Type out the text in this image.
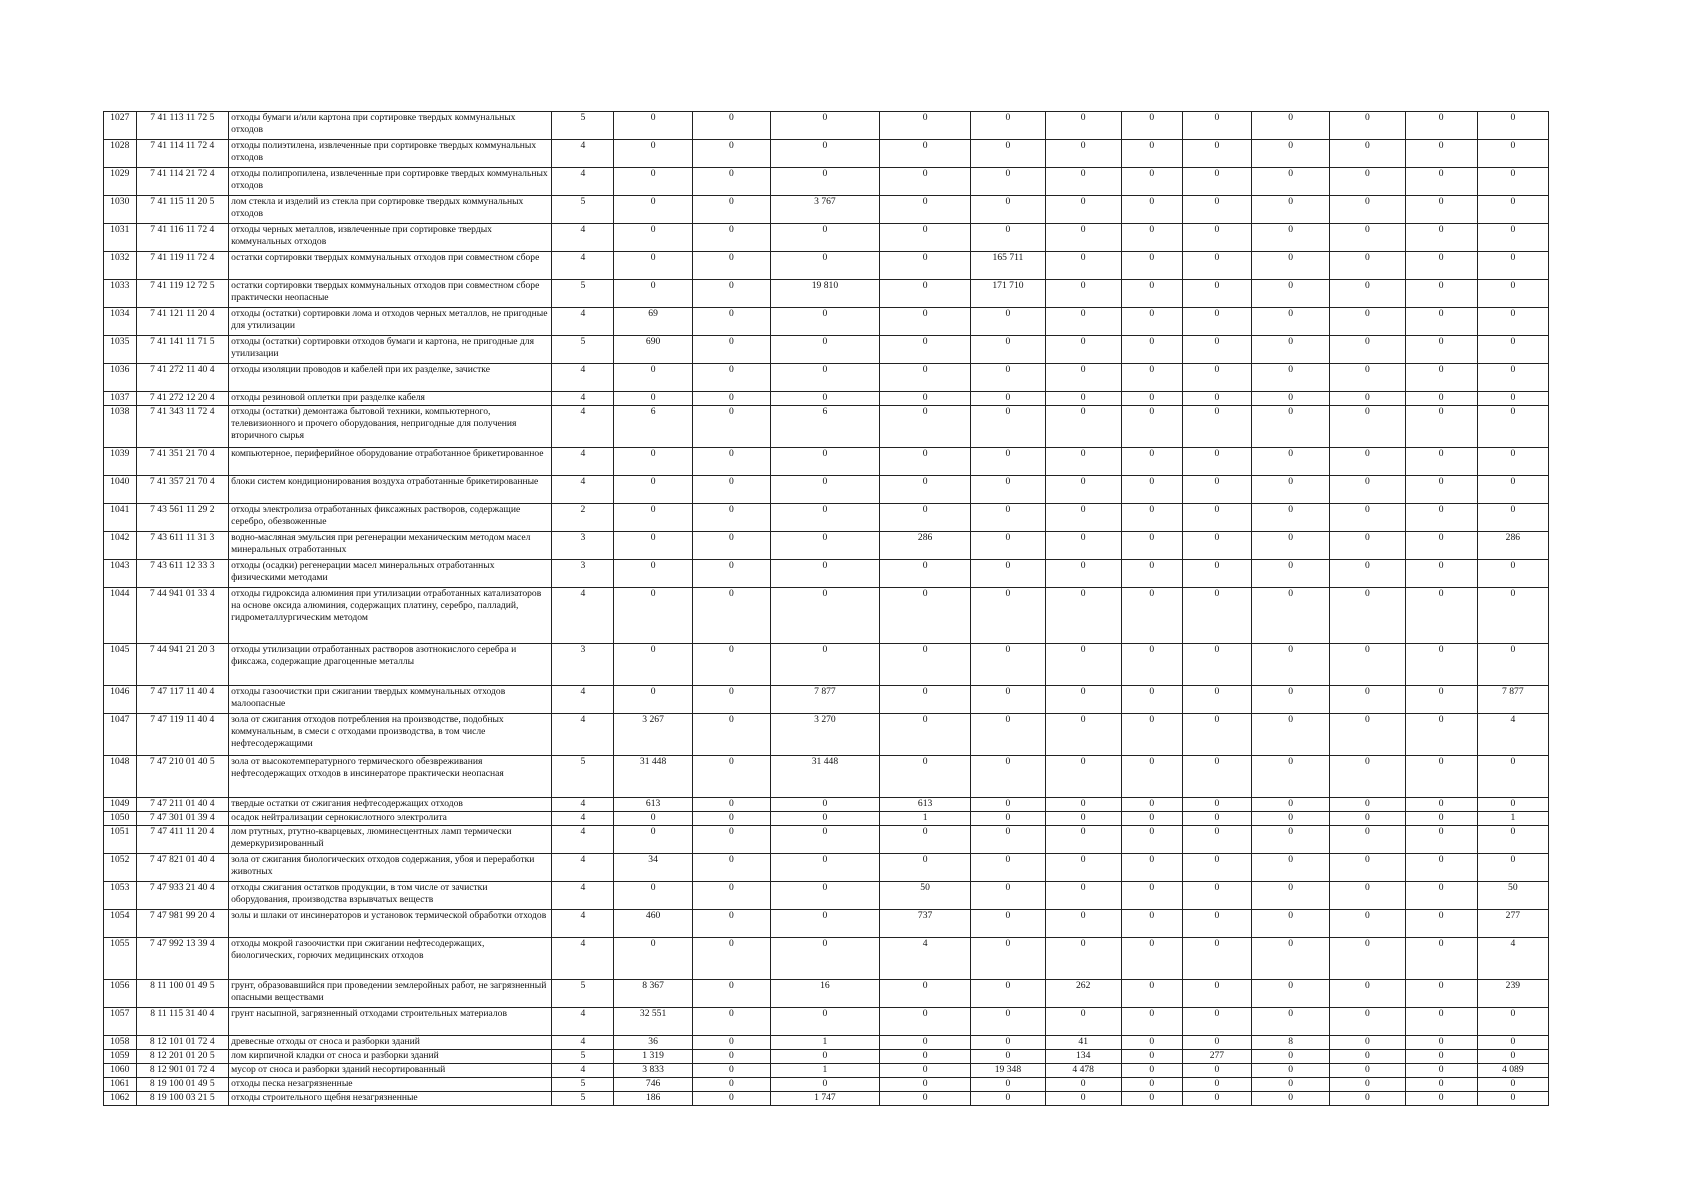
1027	7 41 113 11 72 5	отходы бумаги и/или картона при сортировке твердых коммунальных отходов	5	0	0	0	0	0	0	0	0	0	0	0	0
1028	7 41 114 11 72 4	отходы полиэтилена, извлеченные при сортировке твердых коммунальных отходов	4	0	0	0	0	0	0	0	0	0	0	0	0
1029	7 41 114 21 72 4	отходы полипропилена, извлеченные при сортировке твердых коммунальных отходов	4	0	0	0	0	0	0	0	0	0	0	0	0
1030	7 41 115 11 20 5	лом стекла и изделий из стекла при сортировке твердых коммунальных отходов	5	0	0	3 767	0	0	0	0	0	0	0	0	0
1031	7 41 116 11 72 4	отходы черных металлов, извлеченные при сортировке твердых коммунальных отходов	4	0	0	0	0	0	0	0	0	0	0	0	0
1032	7 41 119 11 72 4	остатки сортировки твердых коммунальных отходов при совместном сборе	4	0	0	0	0	165 711	0	0	0	0	0	0	0
1033	7 41 119 12 72 5	остатки сортировки твердых коммунальных отходов при совместном сборе практически неопасные	5	0	0	19 810	0	171 710	0	0	0	0	0	0	0
1034	7 41 121 11 20 4	отходы (остатки) сортировки лома и отходов черных металлов, не пригодные для утилизации	4	69	0	0	0	0	0	0	0	0	0	0	0
1035	7 41 141 11 71 5	отходы (остатки) сортировки отходов бумаги и картона, не пригодные для утилизации	5	690	0	0	0	0	0	0	0	0	0	0	0
1036	7 41 272 11 40 4	отходы изоляции проводов и кабелей при их разделке, зачистке	4	0	0	0	0	0	0	0	0	0	0	0	0
1037	7 41 272 12 20 4	отходы резиновой оплетки при разделке кабеля	4	0	0	0	0	0	0	0	0	0	0	0	0
1038	7 41 343 11 72 4	отходы (остатки) демонтажа бытовой техники, компьютерного, телевизионного и прочего оборудования, непригодные для получения вторичного сырья	4	6	0	6	0	0	0	0	0	0	0	0	0
1039	7 41 351 21 70 4	компьютерное, периферийное оборудование отработанное брикетированное	4	0	0	0	0	0	0	0	0	0	0	0	0
1040	7 41 357 21 70 4	блоки систем кондиционирования воздуха отработанные брикетированные	4	0	0	0	0	0	0	0	0	0	0	0	0
1041	7 43 561 11 29 2	отходы электролиза отработанных фиксажных растворов, содержащие серебро, обезвоженные	2	0	0	0	0	0	0	0	0	0	0	0	0
1042	7 43 611 11 31 3	водно-масляная эмульсия при регенерации механическим методом масел минеральных отработанных	3	0	0	0	286	0	0	0	0	0	0	0	286
1043	7 43 611 12 33 3	отходы (осадки) регенерации масел минеральных отработанных физическими методами	3	0	0	0	0	0	0	0	0	0	0	0	0
1044	7 44 941 01 33 4	отходы гидроксида алюминия при утилизации отработанных катализаторов на основе оксида алюминия, содержащих платину, серебро, палладий, гидрометаллургическим методом	4	0	0	0	0	0	0	0	0	0	0	0	0
1045	7 44 941 21 20 3	отходы утилизации отработанных растворов азотнокислого серебра и фиксажа, содержащие драгоценные металлы	3	0	0	0	0	0	0	0	0	0	0	0	0
1046	7 47 117 11 40 4	отходы газоочистки при сжигании твердых коммунальных отходов малоопасные	4	0	0	7 877	0	0	0	0	0	0	0	0	7 877
1047	7 47 119 11 40 4	зола от сжигания отходов потребления на производстве, подобных коммунальным, в смеси с отходами производства, в том числе нефтесодержащими	4	3 267	0	3 270	0	0	0	0	0	0	0	0	4
1048	7 47 210 01 40 5	зола от высокотемпературного термического обезвреживания нефтесодержащих отходов в инсинераторе практически неопасная	5	31 448	0	31 448	0	0	0	0	0	0	0	0	0
1049	7 47 211 01 40 4	твердые остатки от сжигания нефтесодержащих отходов	4	613	0	0	613	0	0	0	0	0	0	0	0
1050	7 47 301 01 39 4	осадок нейтрализации сернокислотного электролита	4	0	0	0	1	0	0	0	0	0	0	0	1
1051	7 47 411 11 20 4	лом ртутных, ртутно-кварцевых, люминесцентных ламп термически демеркуризированный	4	0	0	0	0	0	0	0	0	0	0	0	0
1052	7 47 821 01 40 4	зола от сжигания биологических отходов содержания, убоя и переработки животных	4	34	0	0	0	0	0	0	0	0	0	0	0
1053	7 47 933 21 40 4	отходы сжигания остатков продукции, в том числе от зачистки оборудования, производства взрывчатых веществ	4	0	0	0	50	0	0	0	0	0	0	0	50
1054	7 47 981 99 20 4	золы и шлаки от инсинераторов и установок термической обработки отходов	4	460	0	0	737	0	0	0	0	0	0	0	277
1055	7 47 992 13 39 4	отходы мокрой газоочистки при сжигании нефтесодержащих, биологических, горючих медицинских отходов	4	0	0	0	4	0	0	0	0	0	0	0	4
1056	8 11 100 01 49 5	грунт, образовавшийся при проведении землеройных работ, не загрязненный опасными веществами	5	8 367	0	16	0	0	262	0	0	0	0	0	239
1057	8 11 115 31 40 4	грунт насыпной, загрязненный отходами строительных материалов	4	32 551	0	0	0	0	0	0	0	0	0	0	0
1058	8 12 101 01 72 4	древесные отходы от сноса и разборки зданий	4	36	0	1	0	0	41	0	0	8	0	0	0
1059	8 12 201 01 20 5	лом кирпичной кладки от сноса и разборки зданий	5	1 319	0	0	0	0	134	0	277	0	0	0	0
1060	8 12 901 01 72 4	мусор от сноса и разборки зданий несортированный	4	3 833	0	1	0	19 348	4 478	0	0	0	0	0	4 089
1061	8 19 100 01 49 5	отходы песка незагрязненные	5	746	0	0	0	0	0	0	0	0	0	0	0
1062	8 19 100 03 21 5	отходы строительного щебня незагрязненные	5	186	0	1 747	0	0	0	0	0	0	0	0	0
